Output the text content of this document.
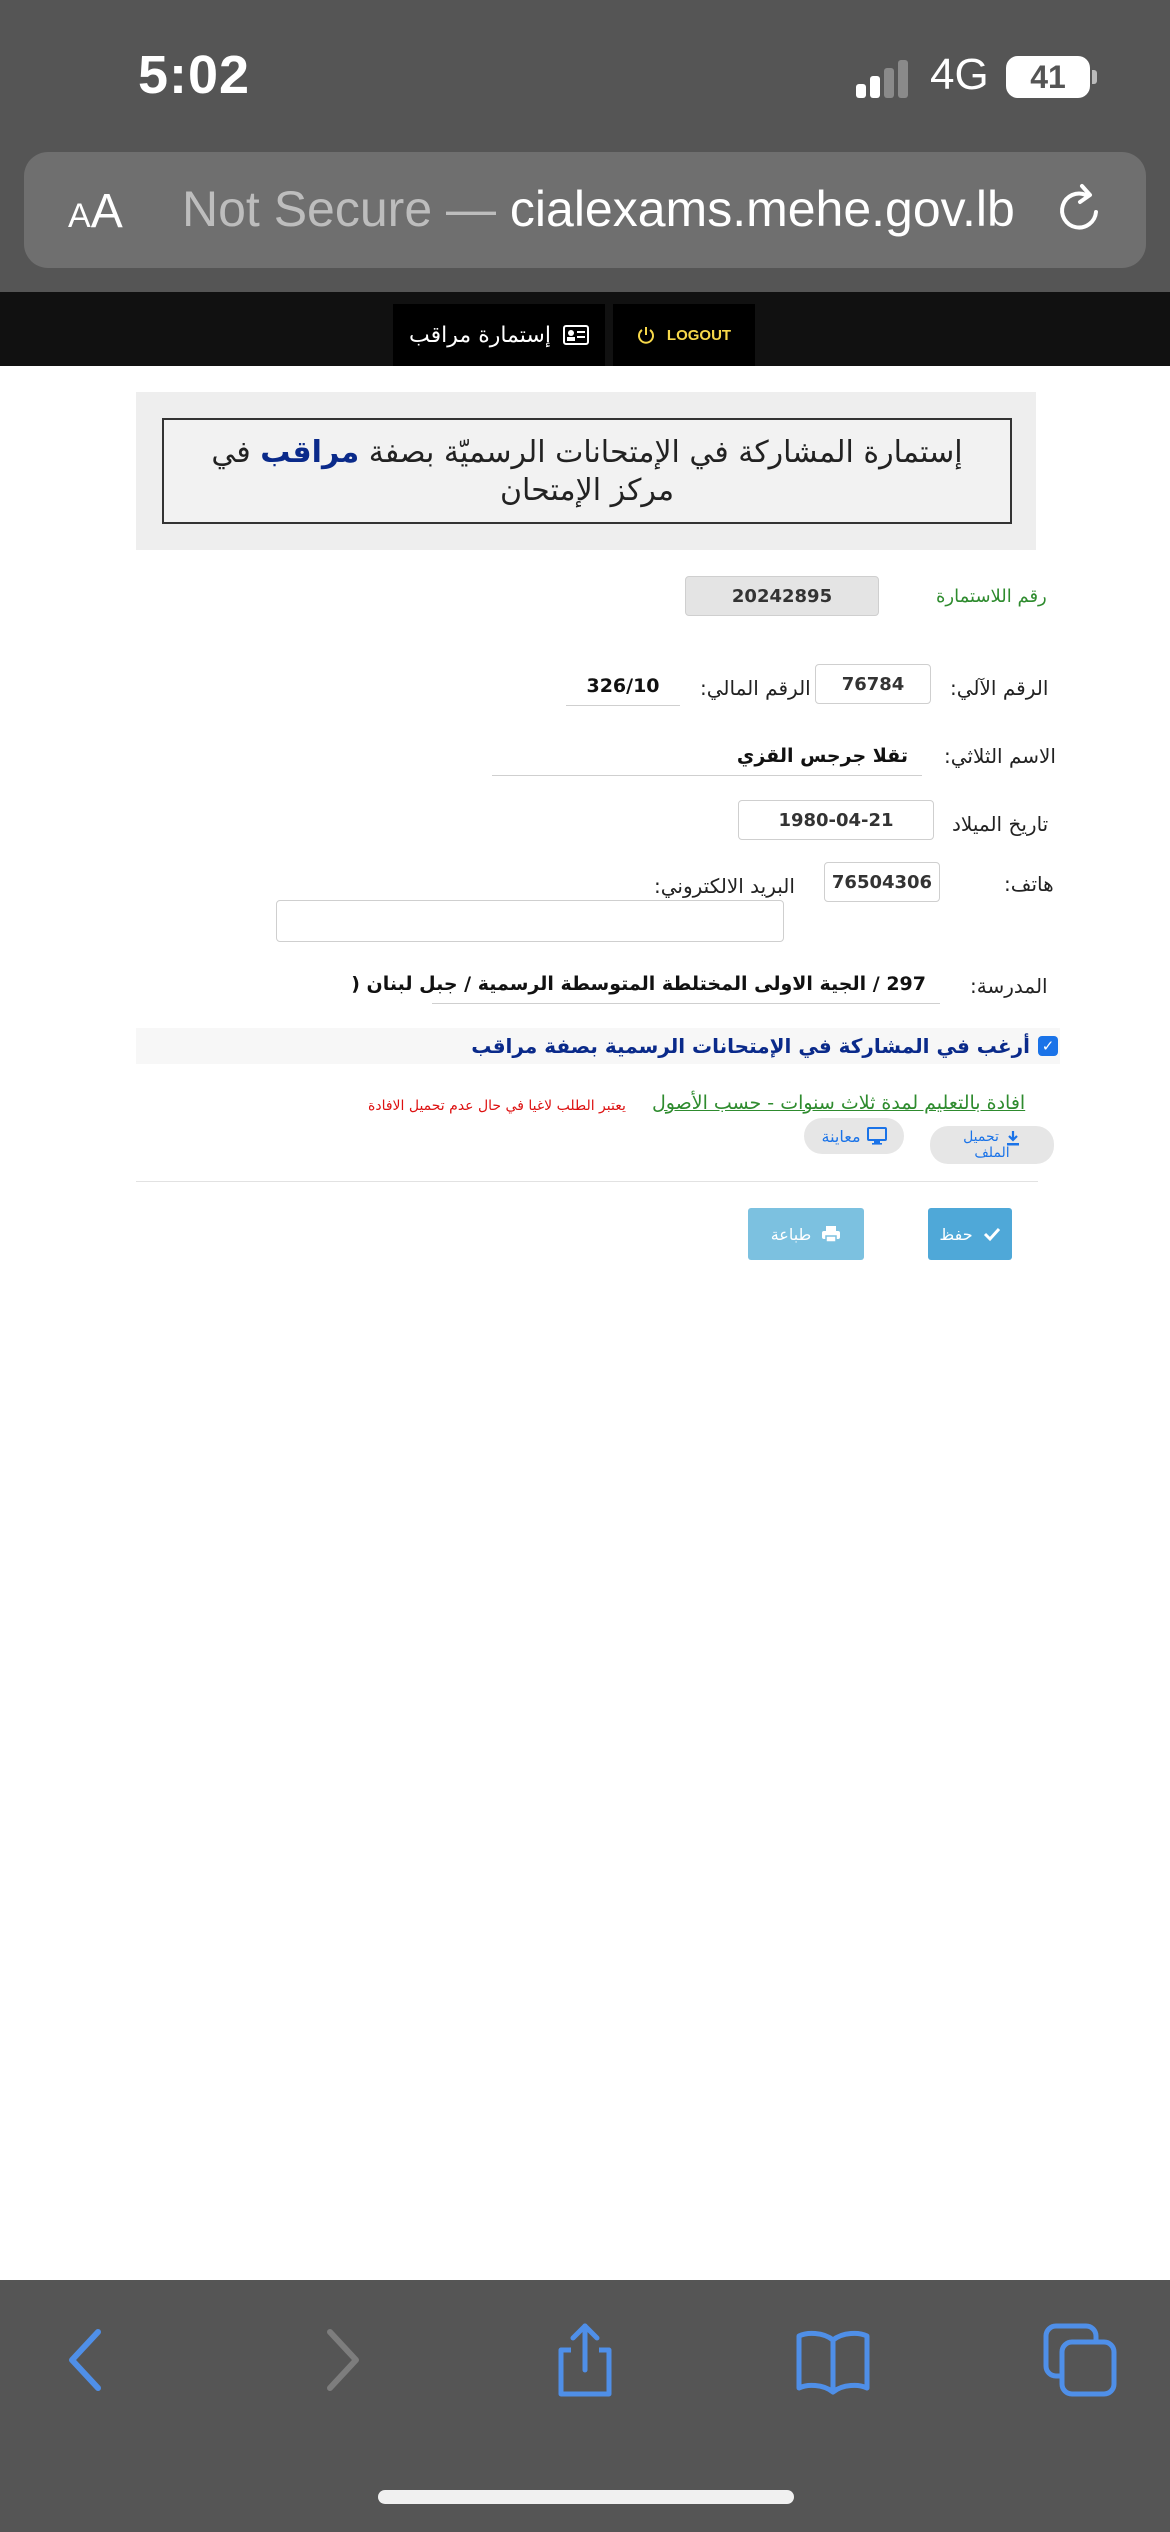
5:02	4G	41
AA Not Secure — cialexams.mehe.gov.lb
إستمارة مراقب	LOGOUT
إستمارة المشاركة في الإمتحانات الرسميّة بصفة مراقب في مركز الإمتحان
رقم اللاستمارة
20242895
الرقم الآلي:
76784
الرقم المالي:
326/10
الاسم الثلاثي:
تقلا جرجس القزي
تاريخ الميلاد
1980-04-21
هاتف:
76504306
البريد الالكتروني:
المدرسة:
297 / الجية الاولى المختلطة المتوسطة الرسمية / جبل لبنان (
✓
أرغب في المشاركة في الإمتحانات الرسمية بصفة مراقب
افادة بالتعليم لمدة ثلاث سنوات - حسب الأصول
يعتبر الطلب لاغيا في حال عدم تحميل الافادة
تحميل
الملف
معاينة
حفظ
طباعة
